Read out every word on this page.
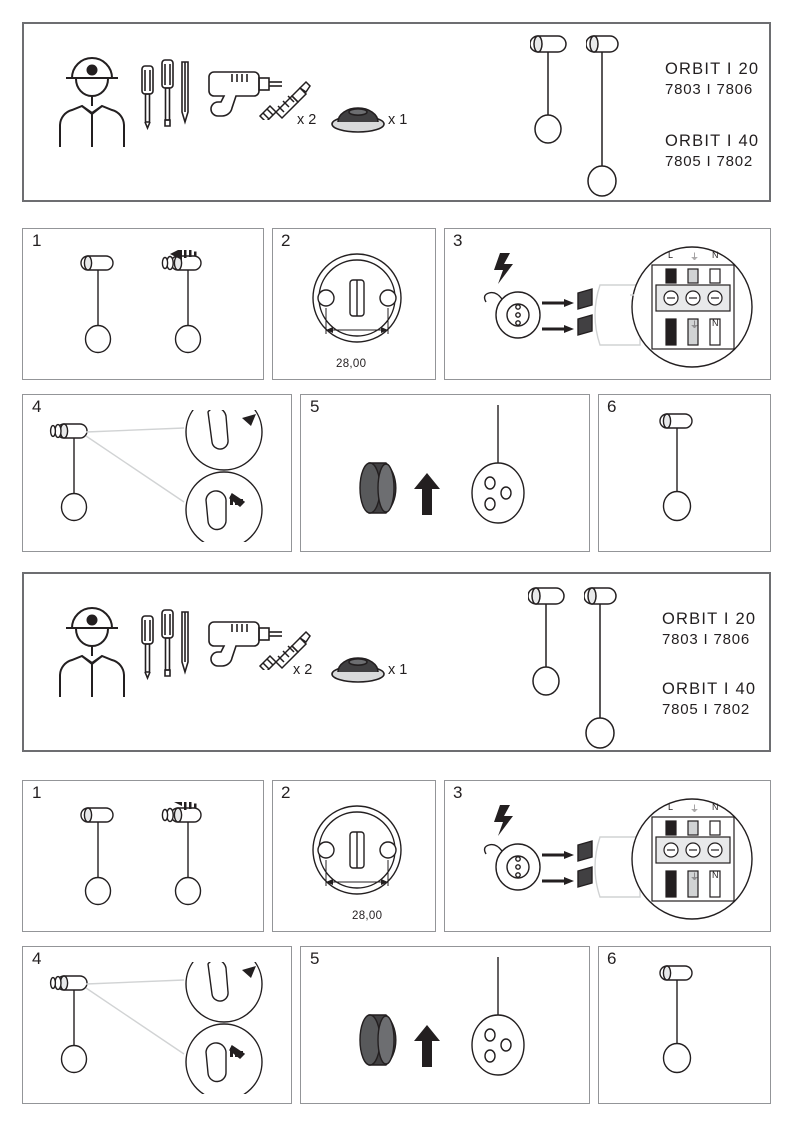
x 2	x 1
ORBIT I 20
7803 I 7806
ORBIT I 40
7805 I 7802
1	2
28,00
3
L ⏚ N
L ⏚ N
4	5	6
x 2	x 1
ORBIT I 20
7803 I 7806
ORBIT I 40
7805 I 7802
1	2
28,00
3
L ⏚ N
L ⏚ N
4	5	6
